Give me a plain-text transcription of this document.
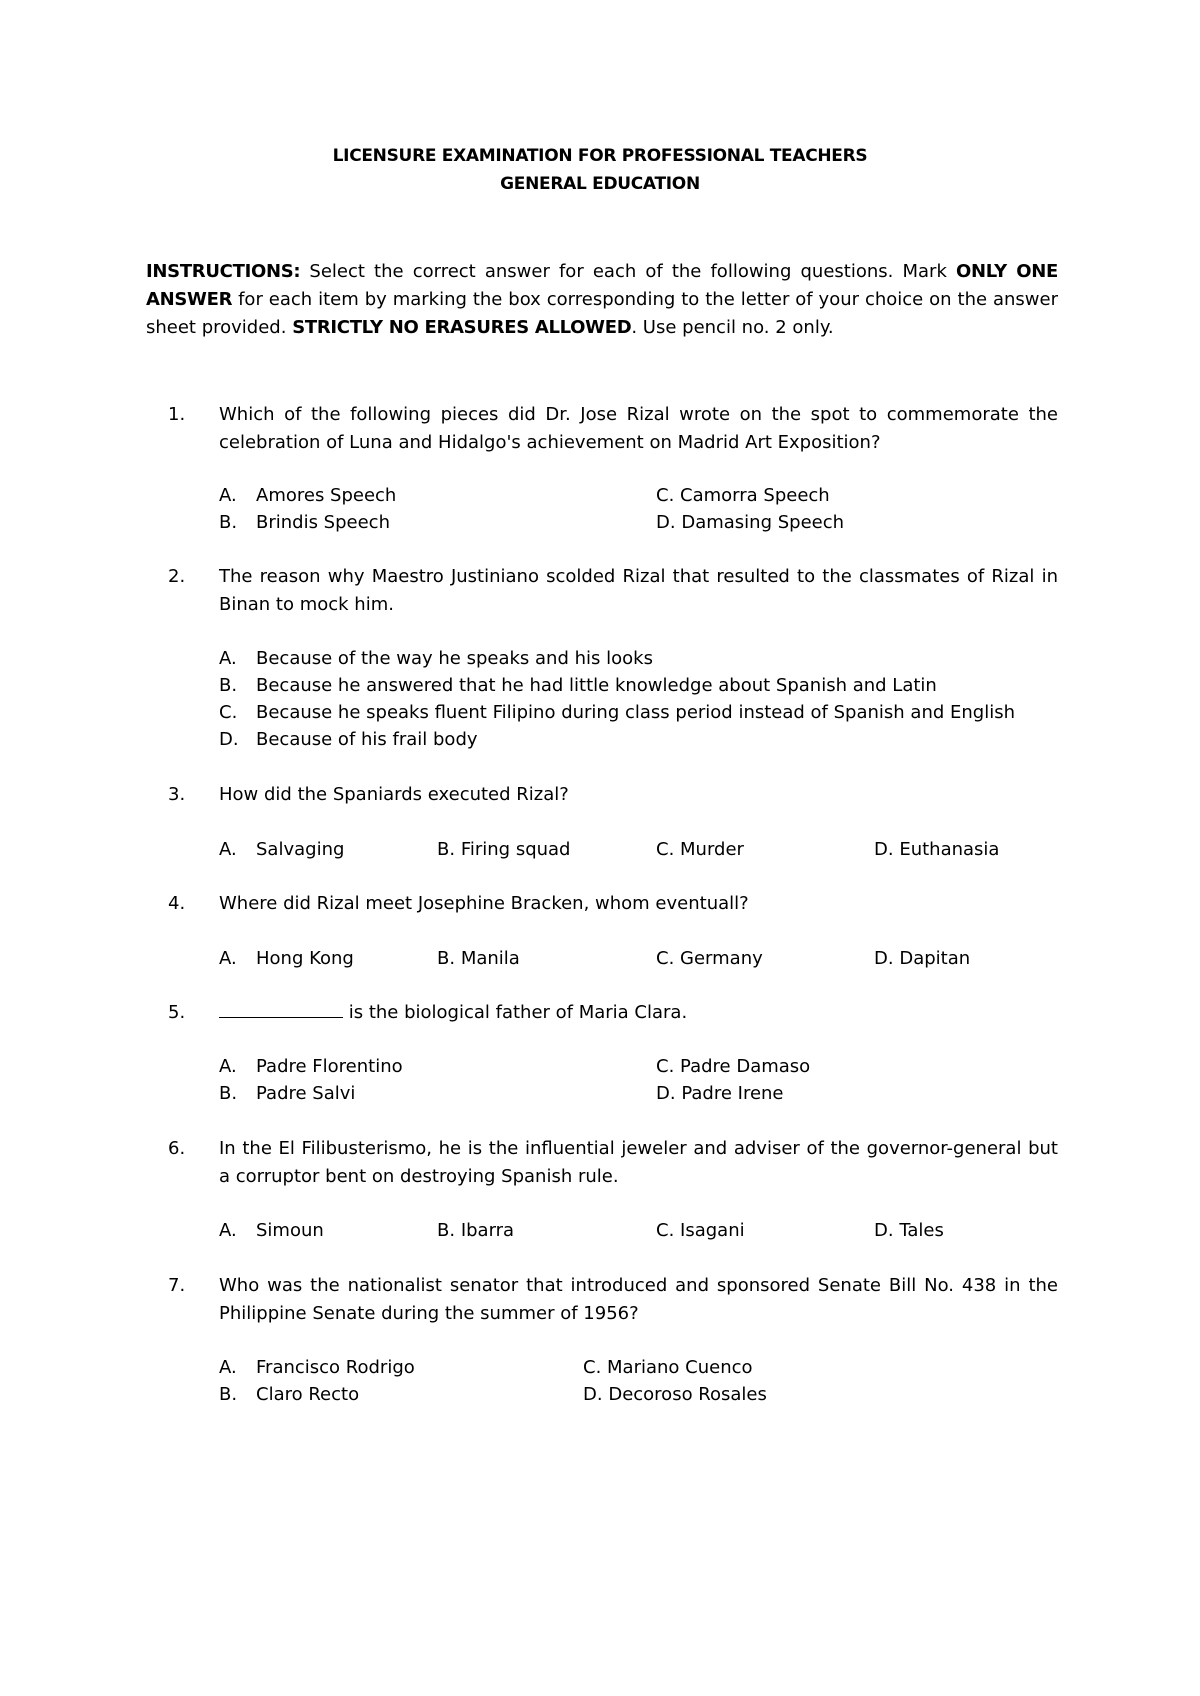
LICENSURE EXAMINATION FOR PROFESSIONAL TEACHERS
GENERAL EDUCATION
INSTRUCTIONS: Select the correct answer for each of the following questions. Mark ONLY ONE ANSWER for each item by marking the box corresponding to the letter of your choice on the answer sheet provided. STRICTLY NO ERASURES ALLOWED. Use pencil no. 2 only.
1.	Which of the following pieces did Dr. Jose Rizal wrote on the spot to commemorate the celebration of Luna and Hidalgo's achievement on Madrid Art Exposition?
A. Amores Speech
B. Brindis Speech
C. Camorra Speech
D. Damasing Speech
2.	The reason why Maestro Justiniano scolded Rizal that resulted to the classmates of Rizal in Binan to mock him.
A. Because of the way he speaks and his looks
B. Because he answered that he had little knowledge about Spanish and Latin
C. Because he speaks fluent Filipino during class period instead of Spanish and English
D. Because of his frail body
3.	How did the Spaniards executed Rizal?
A. Salvaging	B. Firing squad	C. Murder	D. Euthanasia
4.	Where did Rizal meet Josephine Bracken, whom eventuall?
A. Hong Kong	B. Manila	C. Germany	D. Dapitan
5.	is the biological father of Maria Clara.
A. Padre Florentino
B. Padre Salvi
C. Padre Damaso
D. Padre Irene
6.	In the El Filibusterismo, he is the influential jeweler and adviser of the governor-general but a corruptor bent on destroying Spanish rule.
A. Simoun	B. Ibarra	C. Isagani	D. Tales
7.	Who was the nationalist senator that introduced and sponsored Senate Bill No. 438 in the Philippine Senate during the summer of 1956?
A. Francisco Rodrigo
B. Claro Recto
C. Mariano Cuenco
D. Decoroso Rosales
